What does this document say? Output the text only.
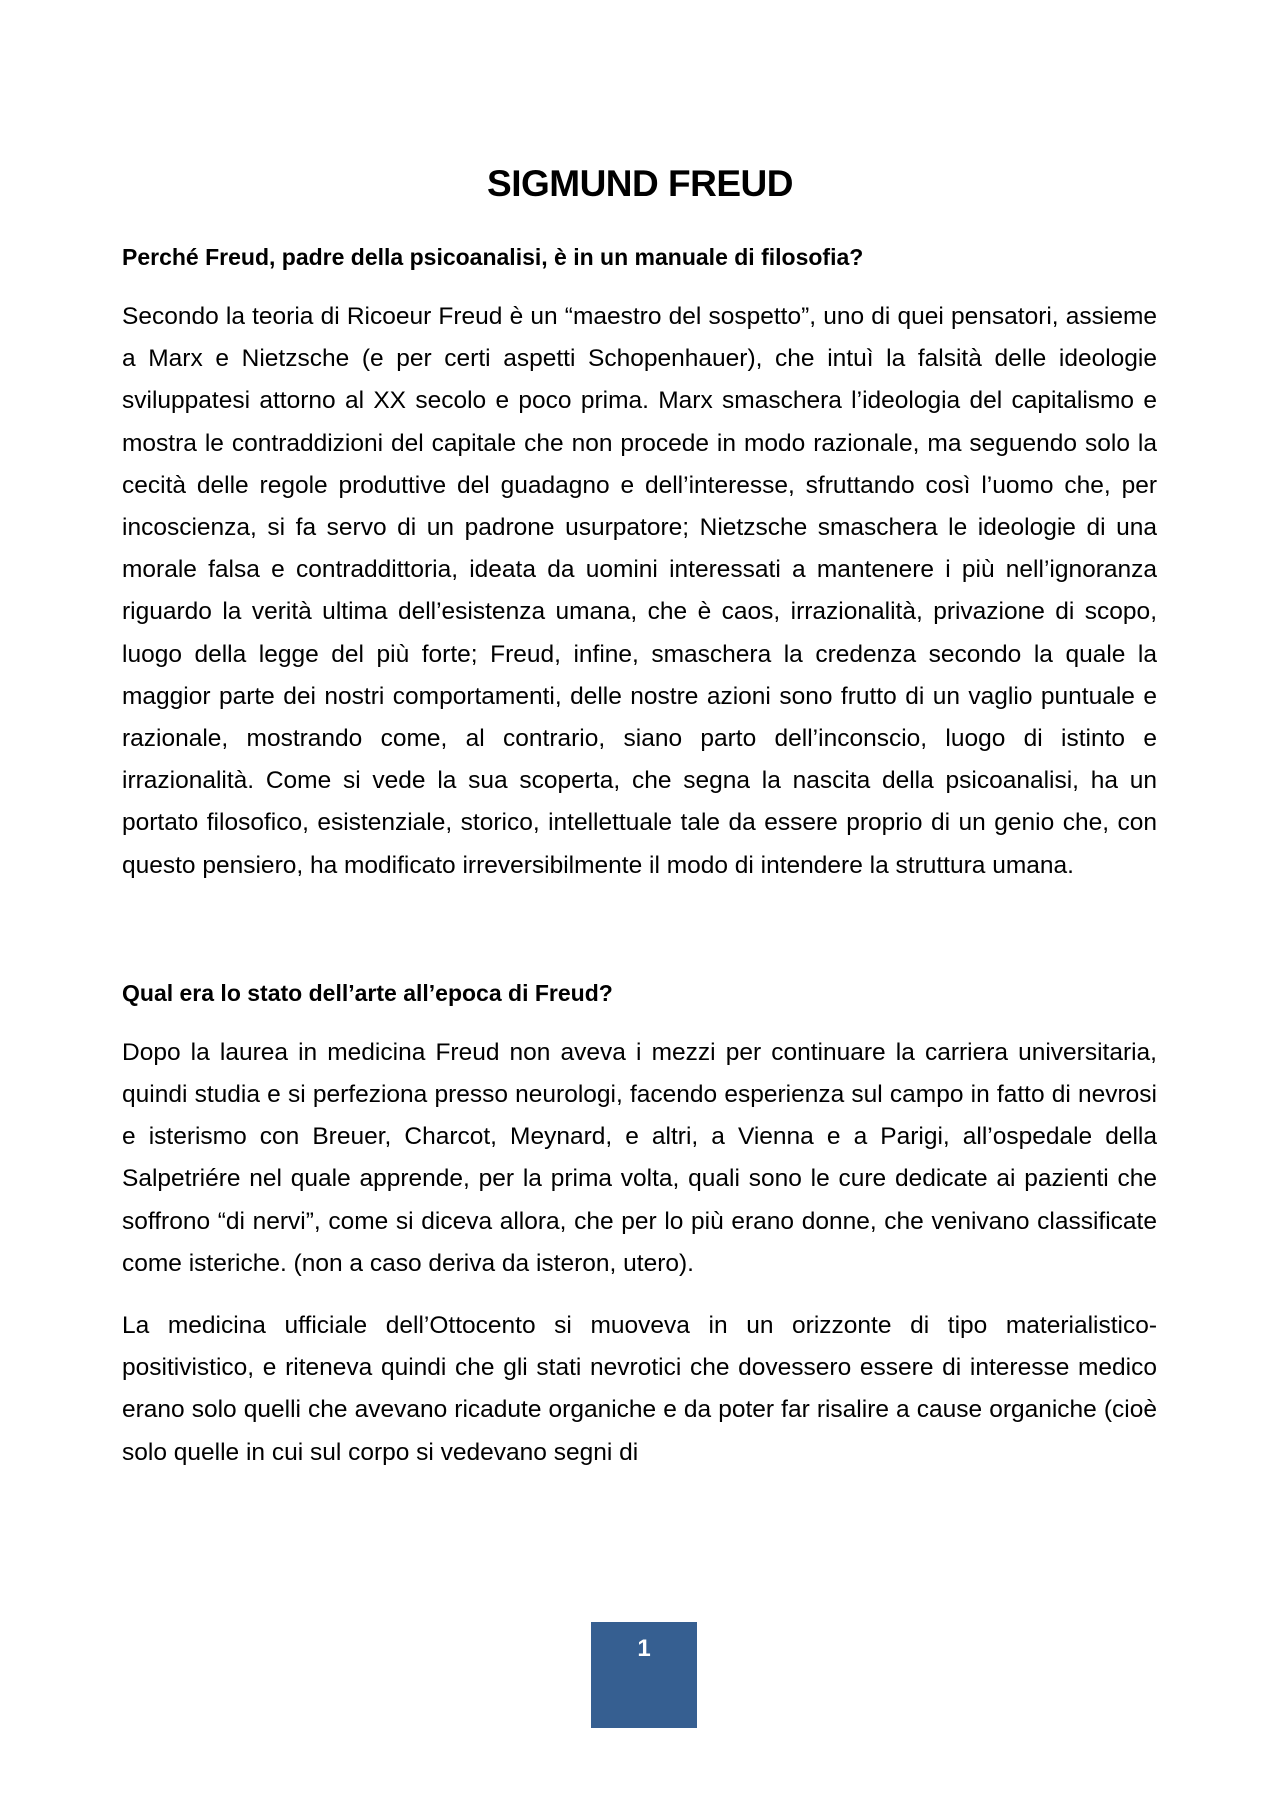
SIGMUND FREUD
Perché Freud, padre della psicoanalisi, è in un manuale di filosofia?

Secondo la teoria di Ricoeur Freud è un “maestro del sospetto”, uno di quei pensatori, assieme a Marx e Nietzsche (e per certi aspetti Schopenhauer), che intuì la falsità delle ideologie sviluppatesi attorno al XX secolo e poco prima. Marx smaschera l’ideologia del capitalismo e mostra le contraddizioni del capitale che non procede in modo razionale, ma seguendo solo la cecità delle regole produttive del guadagno e dell’interesse, sfruttando così l’uomo che, per incoscienza, si fa servo di un padrone usurpatore; Nietzsche smaschera le ideologie di una morale falsa e contraddittoria, ideata da uomini interessati a mantenere i più nell’ignoranza riguardo la verità ultima dell’esistenza umana, che è caos, irrazionalità, privazione di scopo, luogo della legge del più forte; Freud, infine, smaschera la credenza secondo la quale la maggior parte dei nostri comportamenti, delle nostre azioni sono frutto di un vaglio puntuale e razionale, mostrando come, al contrario, siano parto dell’inconscio, luogo di istinto e irrazionalità. Come si vede la sua scoperta, che segna la nascita della psicoanalisi, ha un portato filosofico, esistenziale, storico, intellettuale tale da essere proprio di un genio che, con questo pensiero, ha modificato irreversibilmente il modo di intendere la struttura umana.

Qual era lo stato dell’arte all’epoca di Freud?

Dopo la laurea in medicina Freud non aveva i mezzi per continuare la carriera universitaria, quindi studia e si perfeziona presso neurologi, facendo esperienza sul campo in fatto di nevrosi e isterismo con Breuer, Charcot, Meynard, e altri, a Vienna e a Parigi, all’ospedale della Salpetriére nel quale apprende, per la prima volta, quali sono le cure dedicate ai pazienti che soffrono “di nervi”, come si diceva allora, che per lo più erano donne, che venivano classificate come isteriche. (non a caso deriva da isteron, utero).

La medicina ufficiale dell’Ottocento si muoveva in un orizzonte di tipo materialistico-positivistico, e riteneva quindi che gli stati nevrotici che dovessero essere di interesse medico erano solo quelli che avevano ricadute organiche e da poter far risalire a cause organiche (cioè solo quelle in cui sul corpo si vedevano segni di

1
